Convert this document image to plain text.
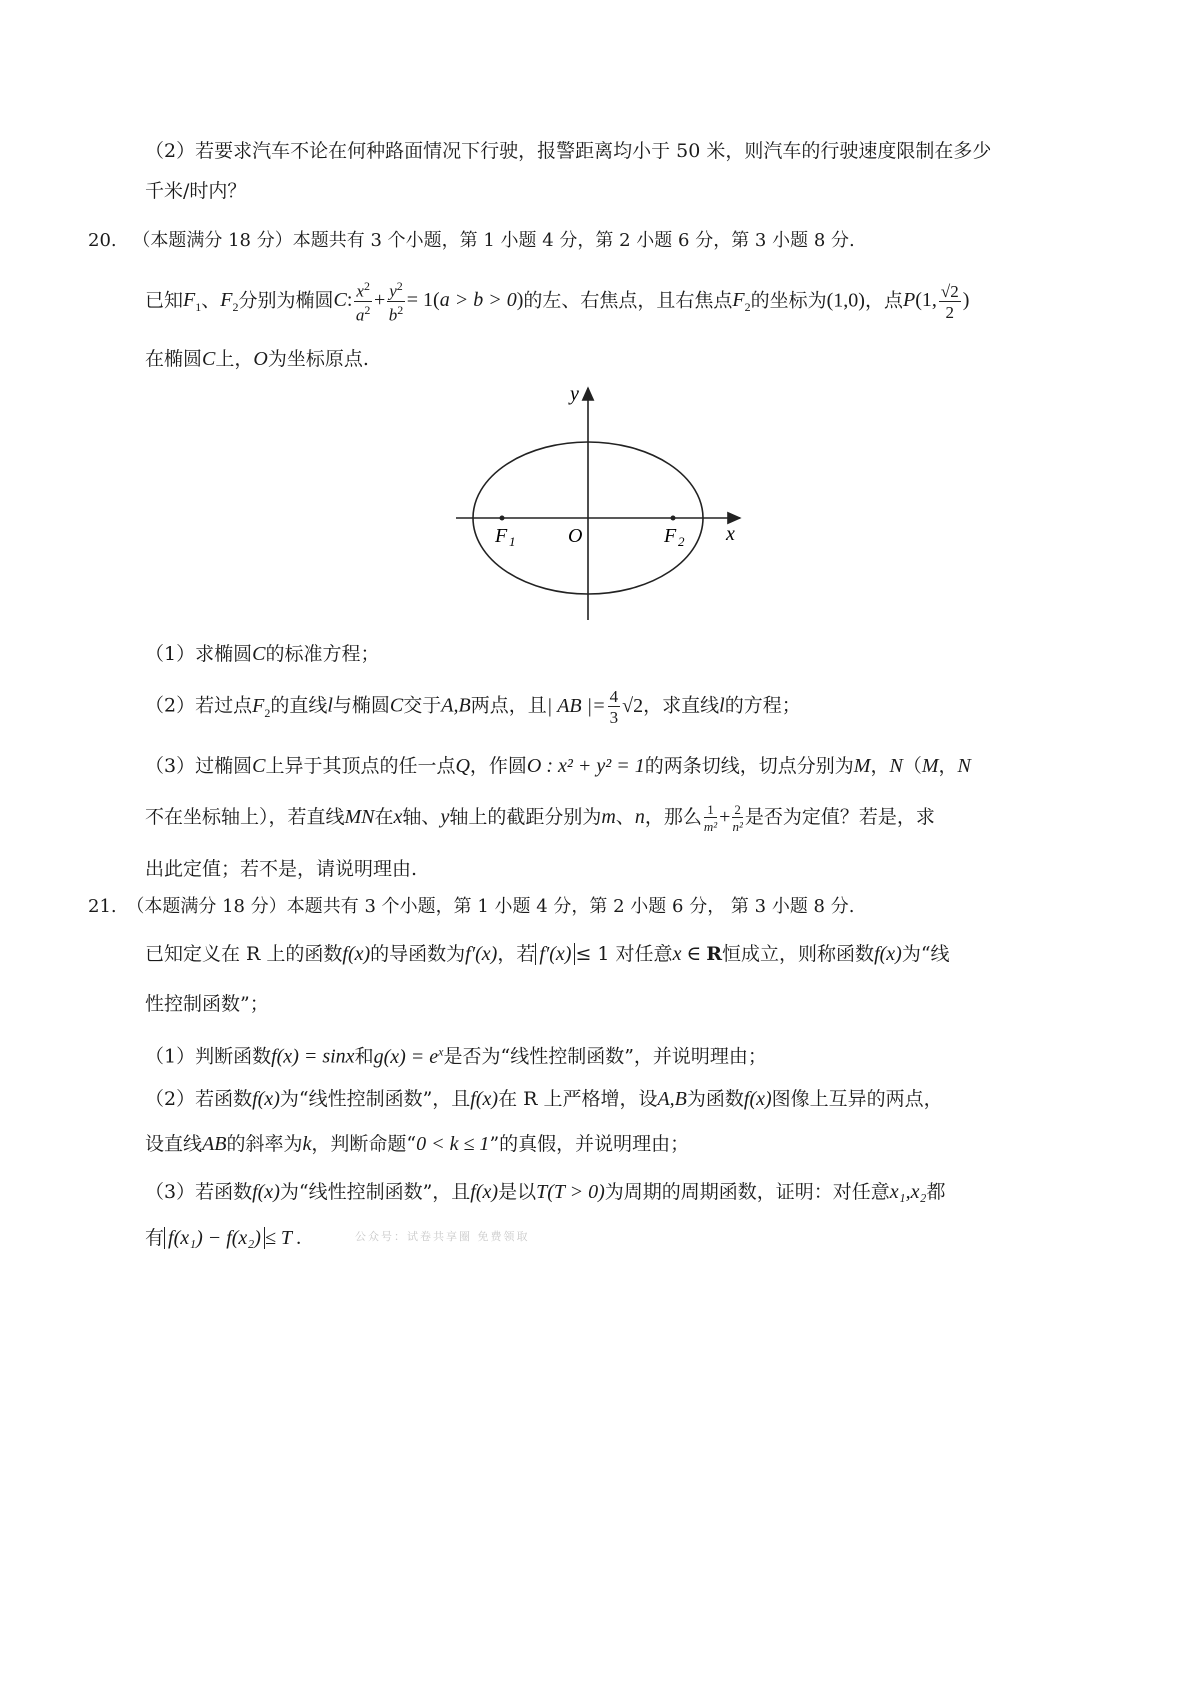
（2）若要求汽车不论在何种路面情况下行驶，报警距离均小于 50 米，则汽车的行驶速度限制在多少
千米/时内？
20. （本题满分 18 分）本题共有 3 个小题，第 1 小题 4 分，第 2 小题 6 分，第 3 小题 8 分.
已知$F_1$、$F_2$分别为椭圆C: $\frac{x^2}{a^2} + \frac{y^2}{b^2} = 1(a > b > 0)$的左、右焦点，且右焦点$F_2$的坐标为(1,0)，点P(1, $\frac{√2}{2}$ )
在椭圆C上，O为坐标原点.
y
x
O
F 1	F 2
（1）求椭圆C的标准方程；
（2）若过点$F_2$的直线l与椭圆C交于A,B两点，且| AB |= $\frac{4}{3} √2$，求直线l的方程；
（3）过椭圆C上异于其顶点的任一点Q，作圆O : x² + y² = 1的两条切线，切点分别为M，N（M，N
不在坐标轴上），若直线MN在x轴、y轴上的截距分别为m、n，那么 $\frac{1}{\text{m²}} + \frac{2}{\text{n²}}$ 是否为定值？若是，求
出此定值；若不是，请说明理由.
21. （本题满分 18 分）本题共有 3 个小题，第 1 小题 4 分，第 2 小题 6 分， 第 3 小题 8 分.
已知定义在 R 上的函数f(x)的导函数为f′(x)，若 f′(x) ≤ 1 对任意x ∈ R恒成立，则称函数f(x)为“线
性控制函数”；
（1）判断函数f(x) = sinx和$g(x) = e^x$是否为“线性控制函数”，并说明理由；
（2）若函数f(x)为“线性控制函数”，且f(x)在 R 上严格增，设A,B为函数f(x)图像上互异的两点，
设直线AB的斜率为k，判断命题“0 < k ≤ 1”的真假，并说明理由；
（3）若函数f(x)为“线性控制函数”，且f(x)是以T(T > 0)为周期的周期函数，证明：对任意x₁,x₂都
有 f(x₁) − f(x₂) ≤ T .	公众号：试卷共享圈 免费领取
